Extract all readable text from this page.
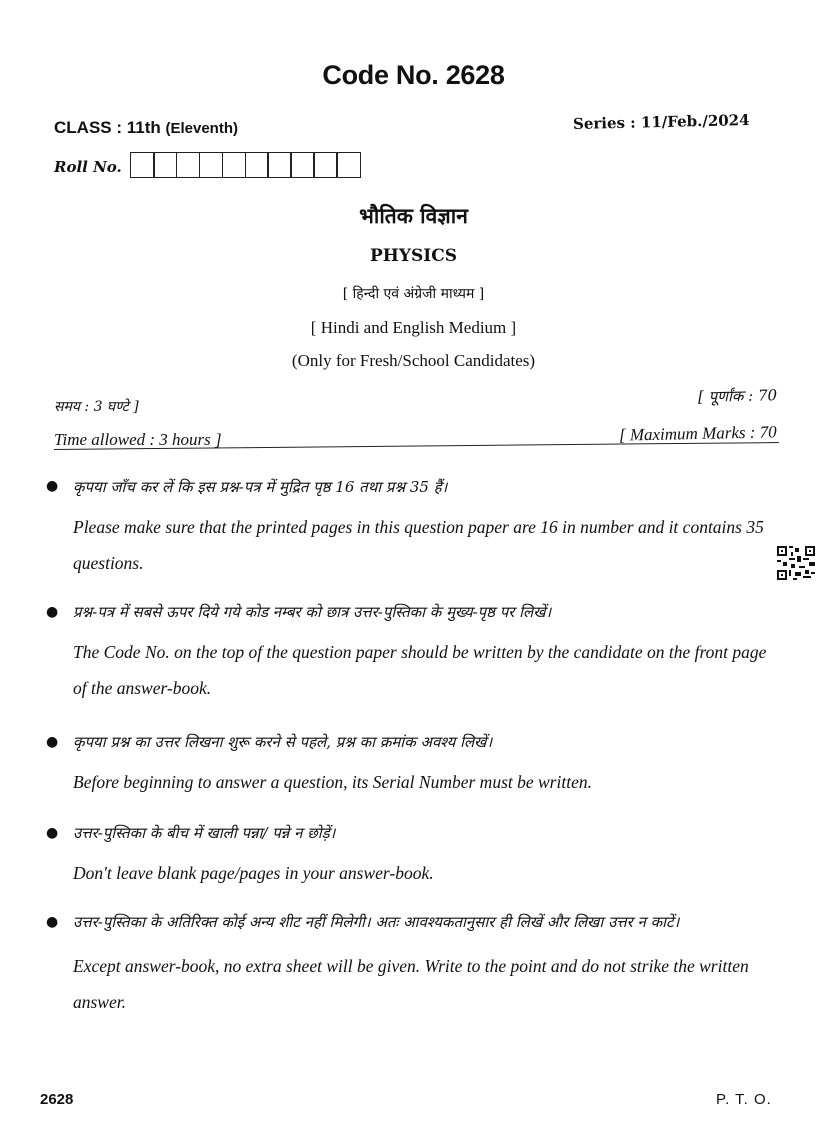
Code No. 2628
CLASS : 11th (Eleventh)	Series : 11/Feb./2024
Roll No.
भौतिक विज्ञान
PHYSICS
[ हिन्दी एवं अंग्रेजी माध्यम ]
[ Hindi and English Medium ]
(Only for Fresh/School Candidates)
समय : 3 घण्टे ]
[ पूर्णांक : 70
Time allowed : 3 hours ]	[ Maximum Marks : 70
● कृपया जाँच कर लें कि इस प्रश्न-पत्र में मुद्रित पृष्ठ 16 तथा प्रश्न 35 हैं।
Please make sure that the printed pages in this question paper are 16 in number and it contains 35 questions.
● प्रश्न-पत्र में सबसे ऊपर दिये गये कोड नम्बर को छात्र उत्तर-पुस्तिका के मुख्य-पृष्ठ पर लिखें।
The Code No. on the top of the question paper should be written by the candidate on the front page of the answer-book.
● कृपया प्रश्न का उत्तर लिखना शुरू करने से पहले, प्रश्न का क्रमांक अवश्य लिखें।
Before beginning to answer a question, its Serial Number must be written.
● उत्तर-पुस्तिका के बीच में खाली पन्ना/ पन्ने न छोड़ें।
Don't leave blank page/pages in your answer-book.
● उत्तर-पुस्तिका के अतिरिक्त कोई अन्य शीट नहीं मिलेगी। अतः आवश्यकतानुसार ही लिखें और लिखा उत्तर न काटें।
Except answer-book, no extra sheet will be given. Write to the point and do not strike the written answer.
2628	P. T. O.
